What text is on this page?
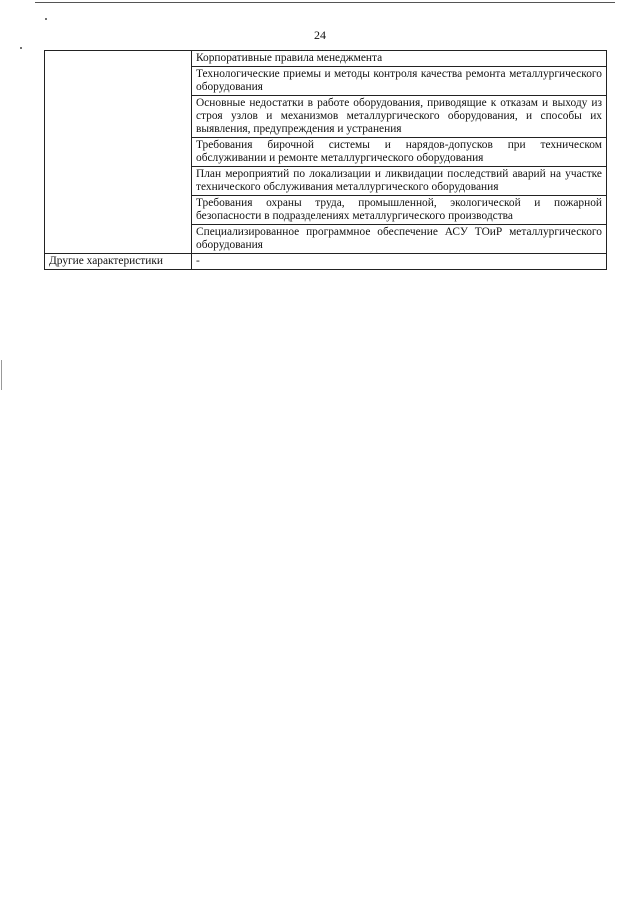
24
	Корпоративные правила менеджмента
	Технологические приемы и методы контроля качества ремонта металлургического оборудования
	Основные недостатки в работе оборудования, приводящие к отказам и выходу из строя узлов и механизмов металлургического оборудования, и способы их выявления, предупреждения и устранения
	Требования бирочной системы и нарядов-допусков при техническом обслуживании и ремонте металлургического оборудования
	План мероприятий по локализации и ликвидации последствий аварий на участке технического обслуживания металлургического оборудования
	Требования охраны труда, промышленной, экологической и пожарной безопасности в подразделениях металлургического производства
	Специализированное программное обеспечение АСУ ТОиР металлургического оборудования
Другие характеристики	-
